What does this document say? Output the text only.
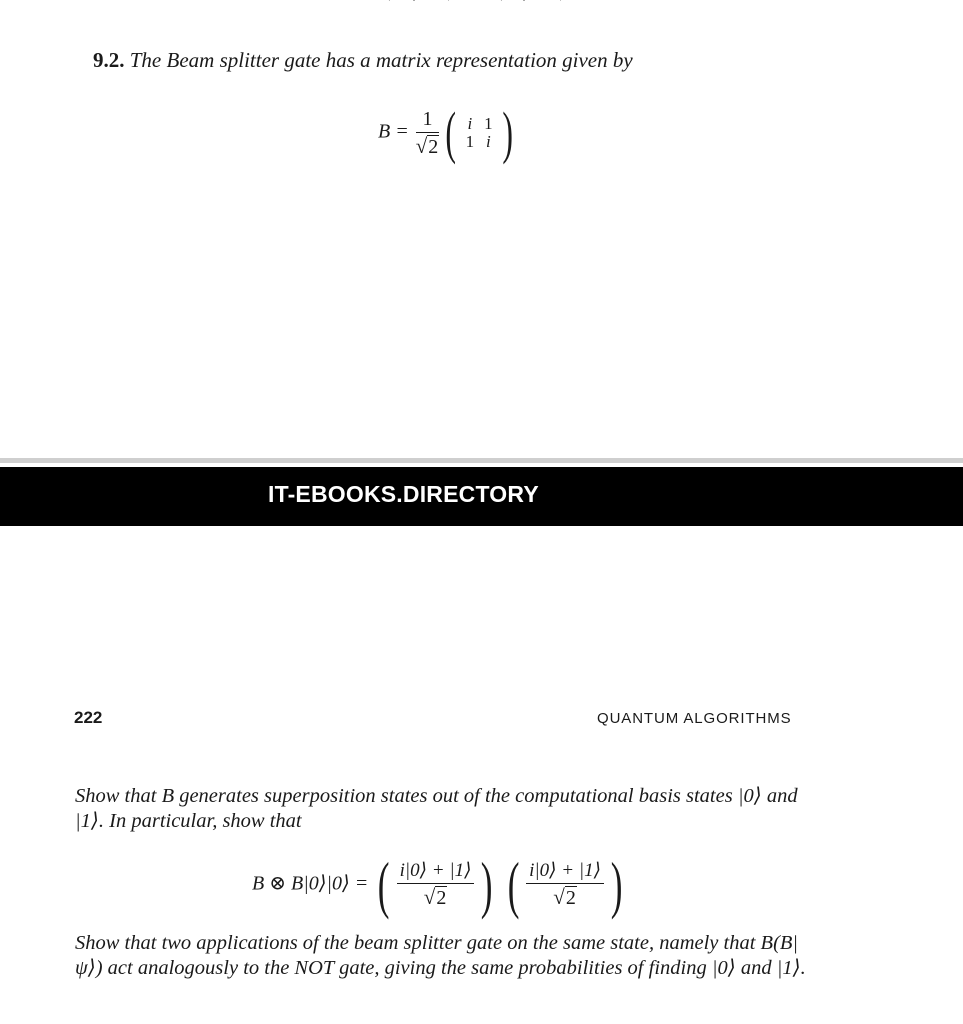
9.2. The Beam splitter gate has a matrix representation given by
$B = \frac{1}{√2}$ ( i	1
1	i )
IT-EBOOKS.DIRECTORY
222	QUANTUM ALGORITHMS
Show that B generates superposition states out of the computational basis states |0⟩ and |1⟩. In particular, show that
B ⊗ B|0⟩|0⟩ = ( $\frac{i|0⟩ + |1⟩}{√2}$ ) ( $\frac{i|0⟩ + |1⟩}{√2}$ )
Show that two applications of the beam splitter gate on the same state, namely that B(B|ψ⟩) act analogously to the NOT gate, giving the same probabilities of finding |0⟩ and |1⟩.
